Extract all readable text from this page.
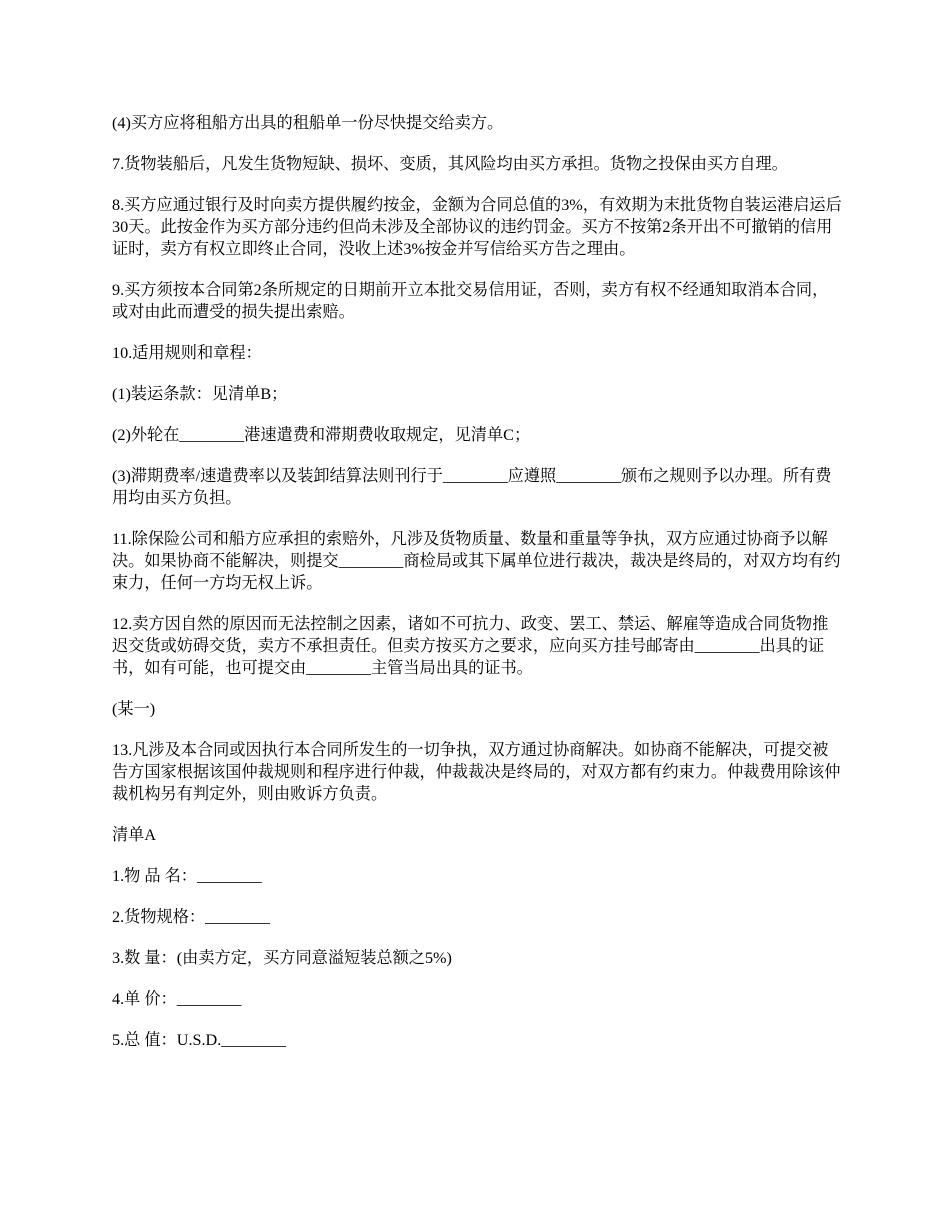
(4)买方应将租船方出具的租船单一份尽快提交给卖方。

7.货物装船后，凡发生货物短缺、损坏、变质，其风险均由买方承担。货物之投保由买方自理。

8.买方应通过银行及时向卖方提供履约按金，金额为合同总值的3%，有效期为末批货物自装运港启运后30天。此按金作为买方部分违约但尚未涉及全部协议的违约罚金。买方不按第2条开出不可撤销的信用证时，卖方有权立即终止合同，没收上述3%按金并写信给买方告之理由。

9.买方须按本合同第2条所规定的日期前开立本批交易信用证，否则，卖方有权不经通知取消本合同，或对由此而遭受的损失提出索赔。

10.适用规则和章程：

(1)装运条款：见清单B；

(2)外轮在________港速遣费和滞期费收取规定，见清单C；

(3)滞期费率/速遣费率以及装卸结算法则刊行于________应遵照________颁布之规则予以办理。所有费用均由买方负担。

11.除保险公司和船方应承担的索赔外，凡涉及货物质量、数量和重量等争执，双方应通过协商予以解决。如果协商不能解决，则提交________商检局或其下属单位进行裁决，裁决是终局的，对双方均有约束力，任何一方均无权上诉。

12.卖方因自然的原因而无法控制之因素，诸如不可抗力、政变、罢工、禁运、解雇等造成合同货物推迟交货或妨碍交货，卖方不承担责任。但卖方按买方之要求，应向买方挂号邮寄由________出具的证书，如有可能，也可提交由________主管当局出具的证书。

(某一)

13.凡涉及本合同或因执行本合同所发生的一切争执，双方通过协商解决。如协商不能解决，可提交被告方国家根据该国仲裁规则和程序进行仲裁，仲裁裁决是终局的，对双方都有约束力。仲裁费用除该仲裁机构另有判定外，则由败诉方负责。

清单A

1.物 品 名：________

2.货物规格：________

3.数 量：(由卖方定，买方同意溢短装总额之5%)

4.单 价：________

5.总 值：U.S.D.________
